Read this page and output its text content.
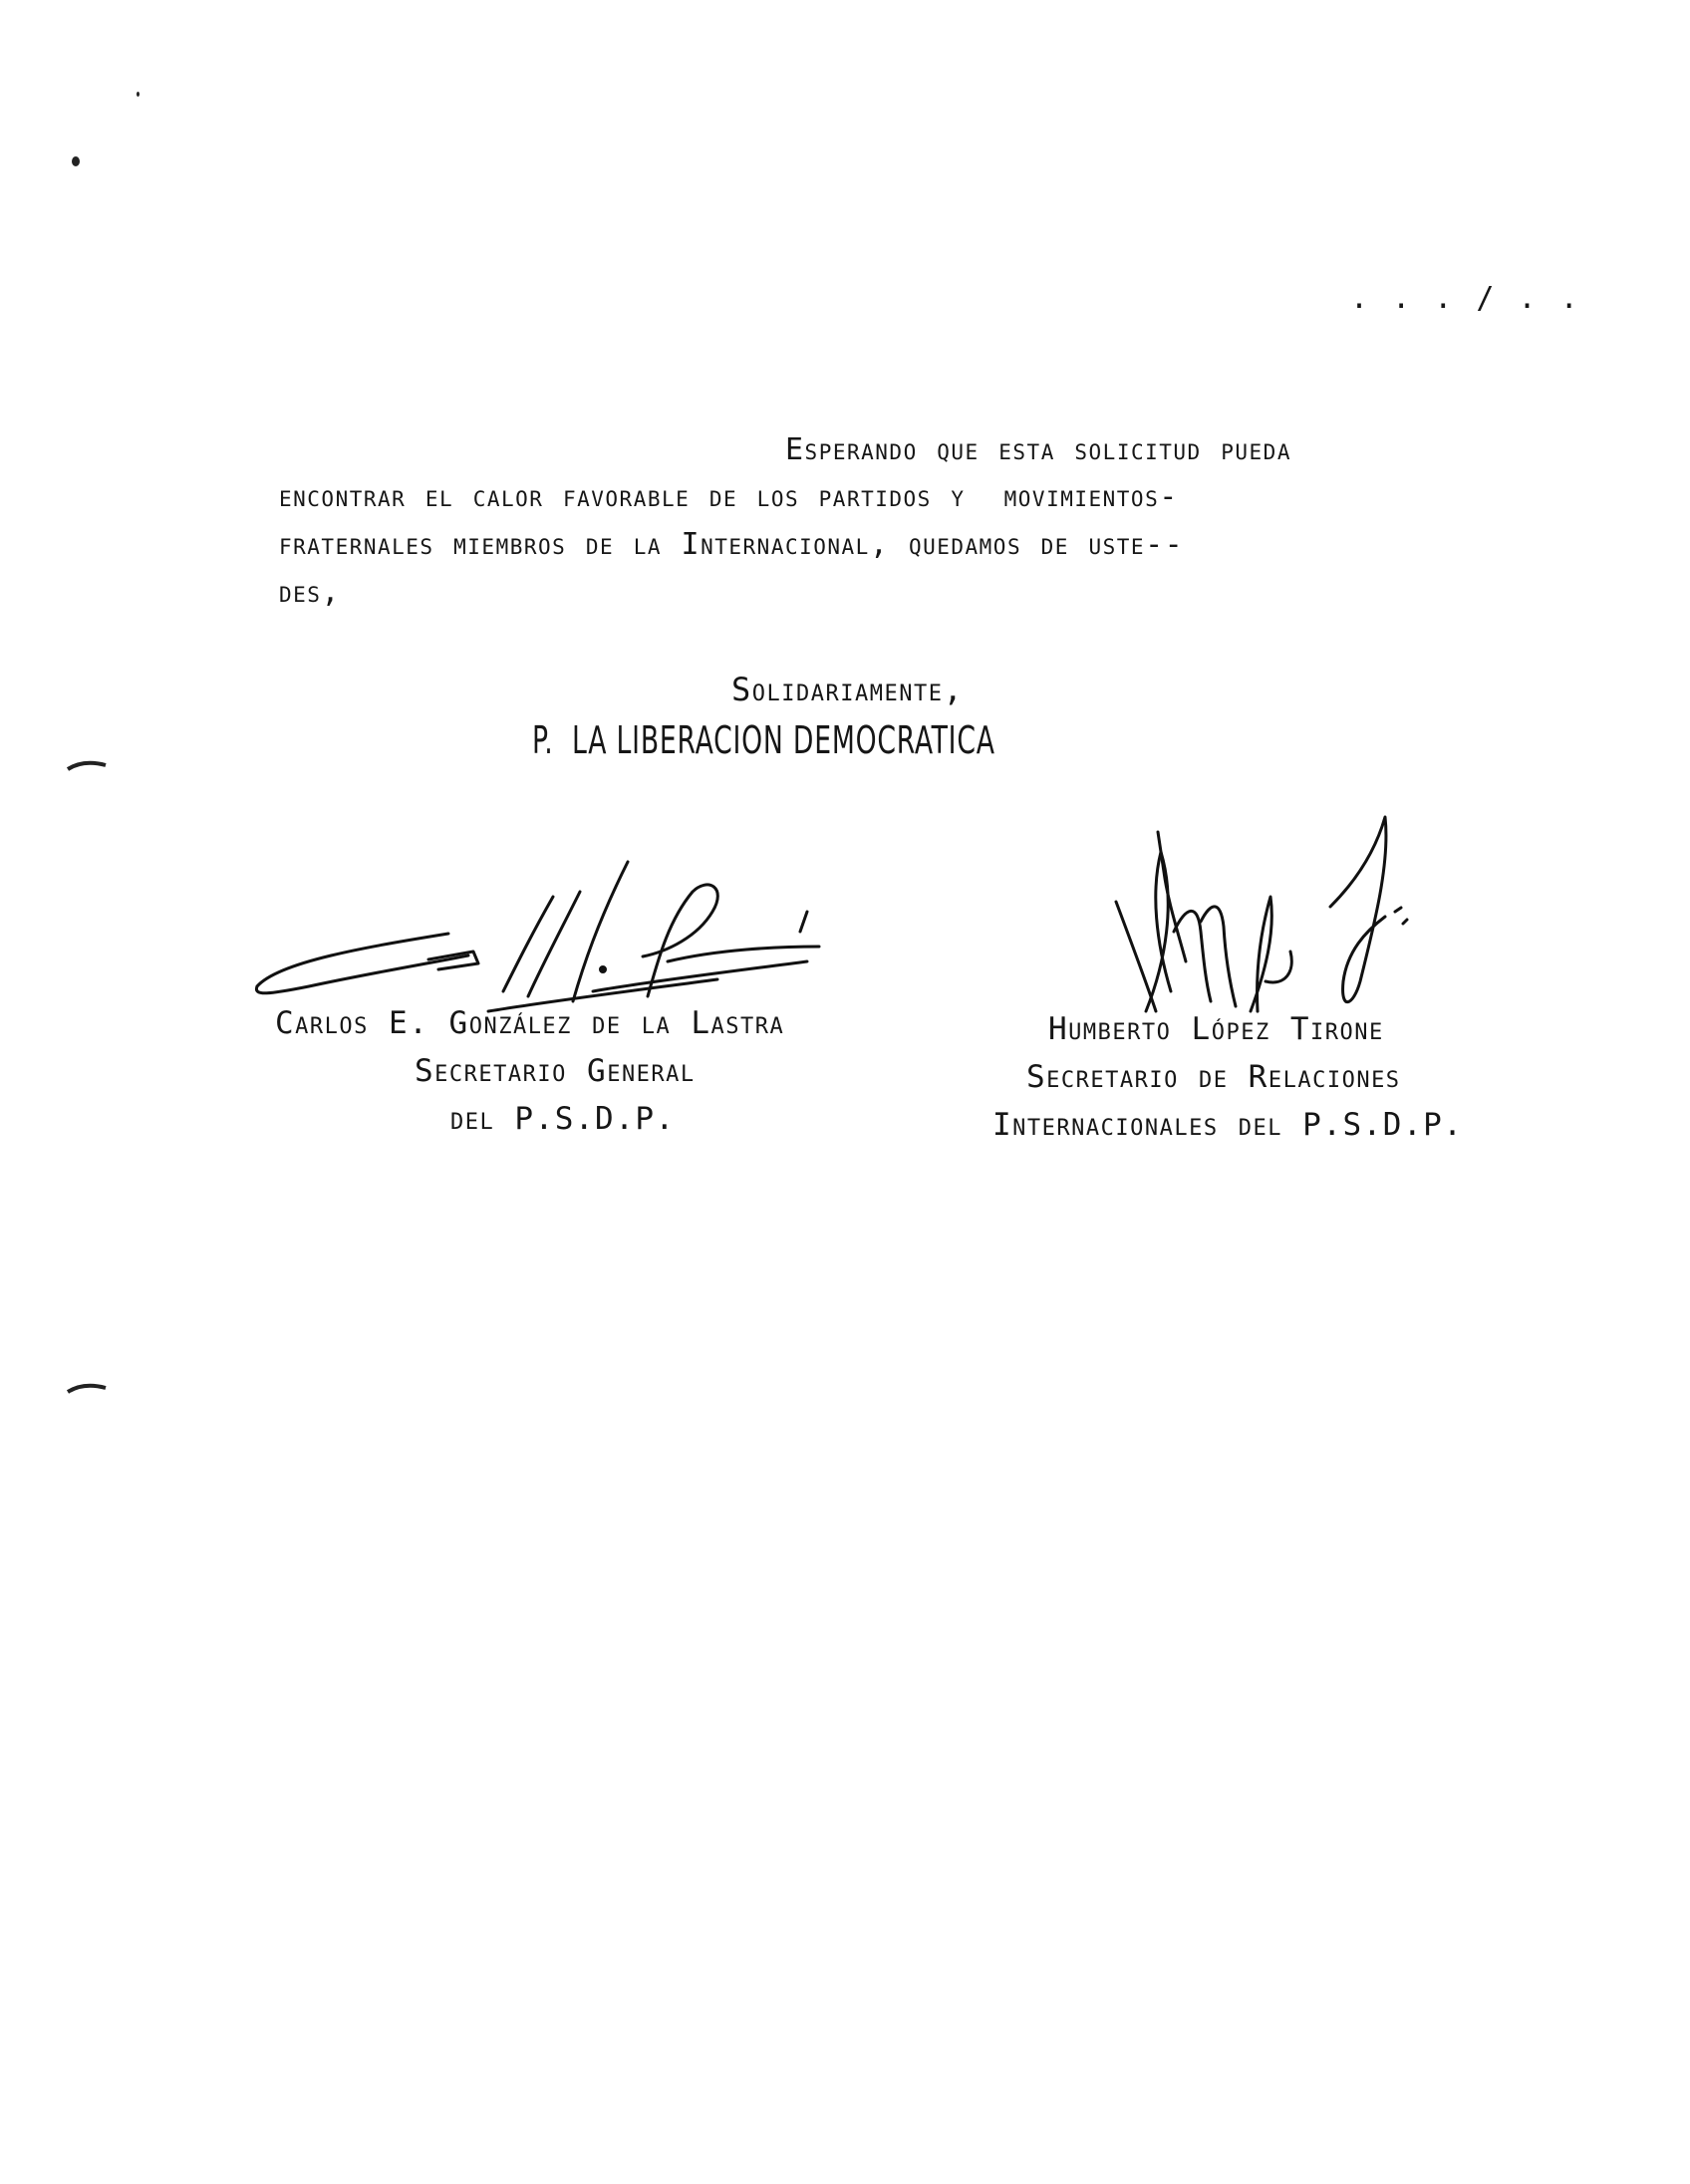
. . . / . .
Esperando que esta solicitud pueda
encontrar el calor favorable de los partidos y  movimientos-
fraternales miembros de la Internacional, quedamos de uste--
des,
Solidariamente,
P.  LA LIBERACION DEMOCRATICA
Carlos E. González de la Lastra
Secretario General
del P.S.D.P.
Humberto López Tirone
Secretario de Relaciones
Internacionales del P.S.D.P.
